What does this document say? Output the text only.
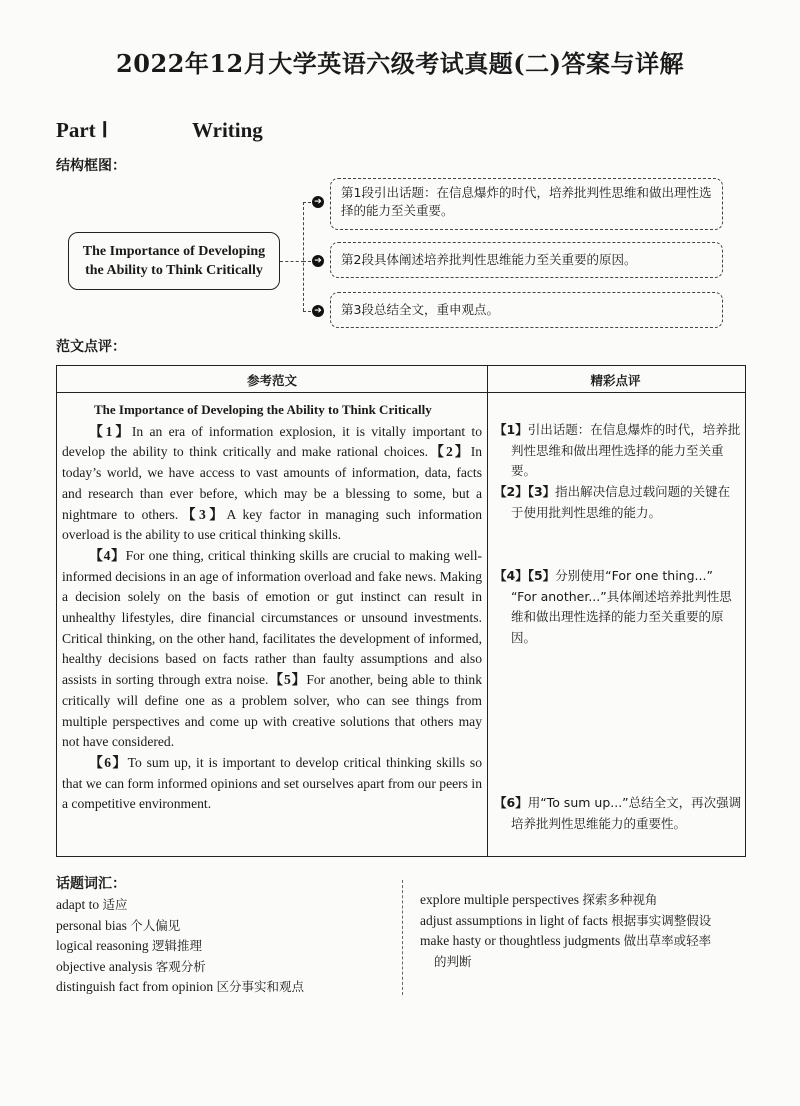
2022年12月大学英语六级考试真题(二)答案与详解
Part Ⅰ	Writing
结构框图：
The Importance of Developing the Ability to Think Critically
➔
第1段引出话题：在信息爆炸的时代，培养批判性思维和做出理性选择的能力至关重要。
➔	第2段具体阐述培养批判性思维能力至关重要的原因。
➔	第3段总结全文，重申观点。
范文点评：
参考范文	精彩点评

The Importance of Developing the Ability to Think Critically

【1】In an era of information explosion, it is vitally important to develop the ability to think critically and make rational choices.【2】In today’s world, we have access to vast amounts of information, data, facts and research than ever before, which may be a blessing to some, but a nightmare to others.【3】A key factor in managing such information overload is the ability to use critical thinking skills.

【4】For one thing, critical thinking skills are crucial to making well-informed decisions in an age of information overload and fake news. Making a decision solely on the basis of emotion or gut instinct can result in unhealthy lifestyles, dire financial circumstances or unsound investments. Critical thinking, on the other hand, facilitates the development of informed, healthy decisions based on facts rather than faulty assumptions and also assists in sorting through extra noise.【5】For another, being able to think critically will define one as a problem solver, who can see things from multiple perspectives and come up with creative solutions that others may not have considered.

【6】To sum up, it is important to develop critical thinking skills so that we can form informed opinions and set ourselves apart from our peers in a competitive environment.

【1】引出话题：在信息爆炸的时代，培养批判性思维和做出理性选择的能力至关重要。
【2】【3】指出解决信息过载问题的关键在于使用批判性思维的能力。
【4】【5】分别使用“For one thing...” “For another...”具体阐述培养批判性思维和做出理性选择的能力至关重要的原因。
【6】用“To sum up...”总结全文，再次强调培养批判性思维能力的重要性。
话题词汇：
adapt to 适应
personal bias 个人偏见
logical reasoning 逻辑推理
objective analysis 客观分析
distinguish fact from opinion 区分事实和观点
explore multiple perspectives 探索多种视角
adjust assumptions in light of facts 根据事实调整假设
make hasty or thoughtless judgments 做出草率或轻率
的判断
